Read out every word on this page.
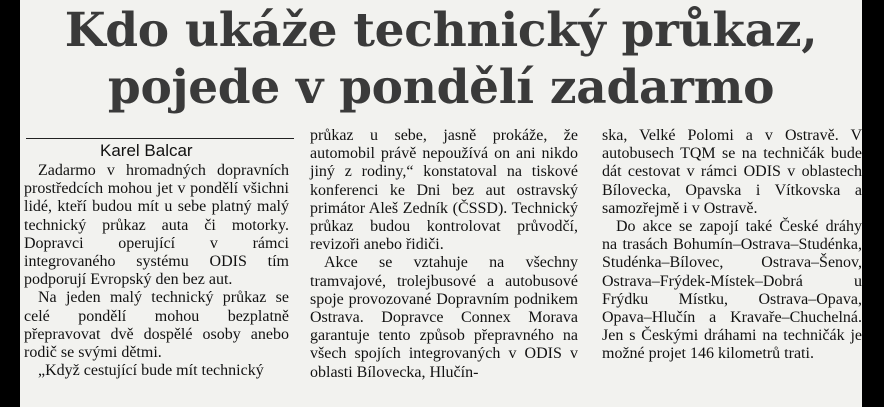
Kdo ukáže technický průkaz,
pojede v pondělí zadarmo
Karel Balcar

Zadarmo v hromadných dopravních prostředcích mohou jet v pondělí všichni lidé, kteří budou mít u sebe platný malý technický průkaz auta či motorky. Dopravci operující v rámci integrovaného systému ODIS tím podporují Evropský den bez aut.

Na jeden malý technický průkaz se celé pondělí mohou bezplatně přepravovat dvě dospělé osoby anebo rodič se svými dětmi.

„Když cestující bude mít technický

průkaz u sebe, jasně prokáže, že automobil právě nepoužívá on ani nikdo jiný z rodiny,“ konstatoval na tiskové konferenci ke Dni bez aut ostravský primátor Aleš Zedník (ČSSD). Technický průkaz budou kontrolovat průvodčí, revizoři anebo řidiči.

Akce se vztahuje na všechny tramvajové, trolejbusové a autobusové spoje provozované Dopravním podnikem Ostrava. Dopravce Connex Morava garantuje tento způsob přepravného na všech spojích integrovaných v ODIS v oblasti Bílovecka, Hlučín-

ska, Velké Polomi a v Ostravě. V autobusech TQM se na techničák bude dát cestovat v rámci ODIS v oblastech Bílovecka, Opavska i Vítkovska a samozřejmě i v Ostravě.

Do akce se zapojí také České dráhy na trasách Bohumín–Ostrava–Studénka, Studénka–Bílovec, Ostrava–Šenov, Ostrava–Frýdek-Místek–Dobrá u Frýdku Místku, Ostrava–Opava, Opava–Hlučín a Kravaře–Chuchelná. Jen s Českými dráhami na techničák je možné projet 146 kilometrů trati.
